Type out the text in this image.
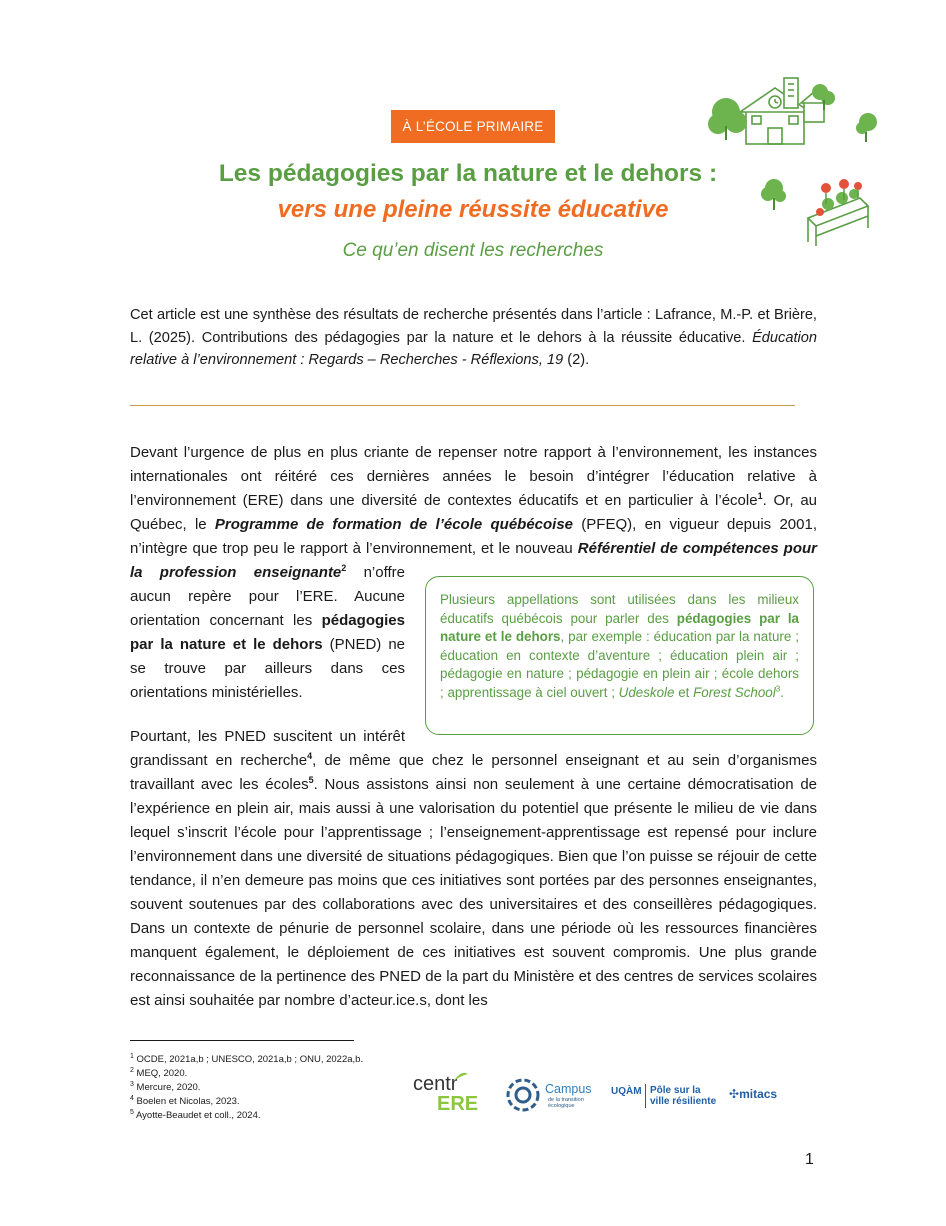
À L’ÉCOLE PRIMAIRE
Les pédagogies par la nature et le dehors :
vers une pleine réussite éducative
Ce qu’en disent les recherches
Cet article est une synthèse des résultats de recherche présentés dans l’article : Lafrance, M.-P. et Brière, L. (2025). Contributions des pédagogies par la nature et le dehors à la réussite éducative. Éducation relative à l’environnement : Regards – Recherches - Réflexions, 19 (2).
Devant l’urgence de plus en plus criante de repenser notre rapport à l’environnement, les instances internationales ont réitéré ces dernières années le besoin d’intégrer l’éducation relative à l’environnement (ERE) dans une diversité de contextes éducatifs et en particulier à l’école$^1$. Or, au Québec, le Programme de formation de l’école québécoise (PFEQ), en vigueur depuis 2001, n’intègre que trop peu le rapport à l’environnement, et le nouveau Référentiel de compétences pour la profession enseignante$^2$ n’offre aucun repère pour l’ERE. Aucune orientation concernant les pédagogies par la nature et le dehors (PNED) ne se trouve par ailleurs dans ces orientations ministérielles.
Plusieurs appellations sont utilisées dans les milieux éducatifs québécois pour parler des pédagogies par la nature et le dehors, par exemple : éducation par la nature ; éducation en contexte d’aventure ; éducation plein air ; pédagogie en nature ; pédagogie en plein air ; école dehors ; apprentissage à ciel ouvert ; Udeskole et Forest School$^3$.
Pourtant, les PNED suscitent un intérêt grandissant en recherche$^4$, de même que chez le personnel enseignant et au sein d’organismes travaillant avec les écoles$^5$. Nous assistons ainsi non seulement à une certaine démocratisation de l’expérience en plein air, mais aussi à une valorisation du potentiel que présente le milieu de vie dans lequel s’inscrit l’école pour l’apprentissage ; l’enseignement-apprentissage est repensé pour inclure l’environnement dans une diversité de situations pédagogiques. Bien que l’on puisse se réjouir de cette tendance, il n’en demeure pas moins que ces initiatives sont portées par des personnes enseignantes, souvent soutenues par des collaborations avec des universitaires et des conseillères pédagogiques. Dans un contexte de pénurie de personnel scolaire, dans une période où les ressources financières manquent également, le déploiement de ces initiatives est souvent compromis. Une plus grande reconnaissance de la pertinence des PNED de la part du Ministère et des centres de services scolaires est ainsi souhaitée par nombre d’acteur.ice.s, dont les
$^1$ OCDE, 2021a,b ; UNESCO, 2021a,b ; ONU, 2022a,b.
$^2$ MEQ, 2020.
$^3$ Mercure, 2020.
$^4$ Boelen et Nicolas, 2023.
$^5$ Ayotte-Beaudet et coll., 2024.
centr
ERE
Campus
de la transition
écologique
UQÀM Pôle sur la
ville résiliente
✣mitacs
1
